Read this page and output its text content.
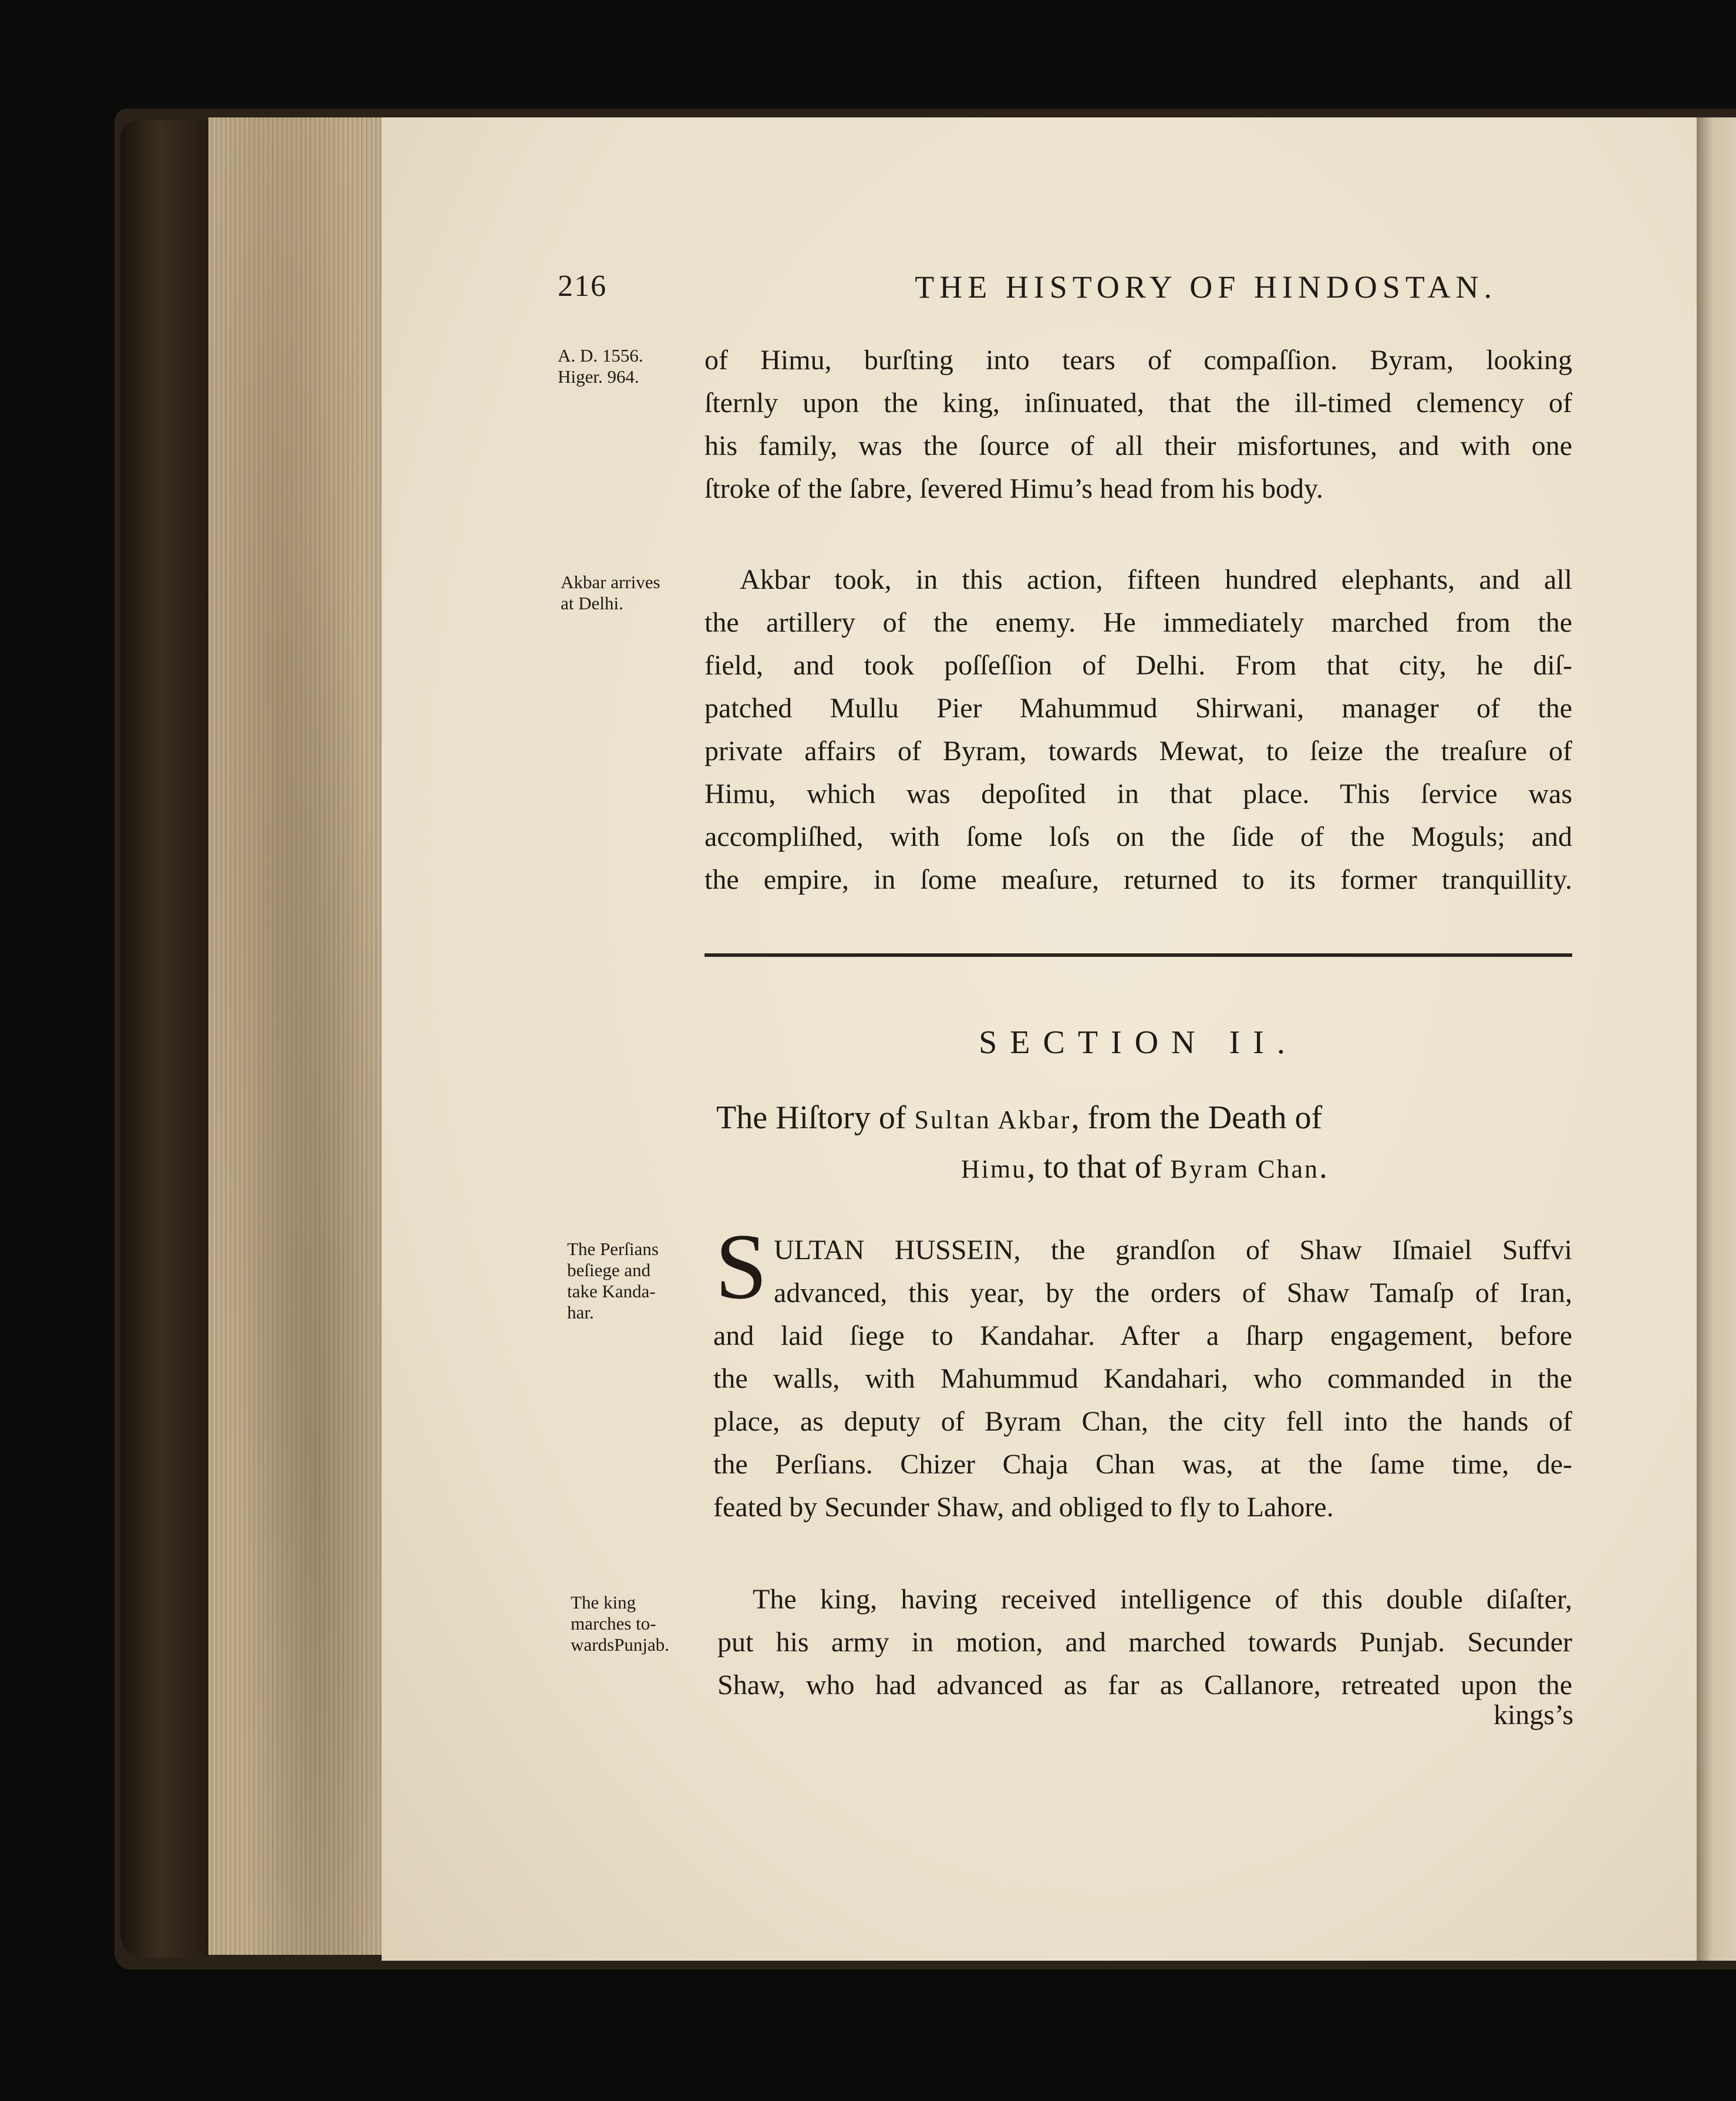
216	THE HISTORY OF HINDOSTAN.
A. D. 1556.
Higer. 964.
of Himu, burſting into tears of compaſſion. Byram, looking
ſternly upon the king, inſinuated, that the ill-timed clemency of
his family, was the ſource of all their misfortunes, and with one
ſtroke of the ſabre, ſevered Himu’s head from his body.
Akbar arrives
at Delhi.
Akbar took, in this action, fifteen hundred elephants, and all
the artillery of the enemy. He immediately marched from the
field, and took poſſeſſion of Delhi. From that city, he diſ-
patched Mullu Pier Mahummud Shirwani, manager of the
private affairs of Byram, towards Mewat, to ſeize the treaſure of
Himu, which was depoſited in that place. This ſervice was
accompliſhed, with ſome loſs on the ſide of the Moguls; and
the empire, in ſome meaſure, returned to its former tranquillity.
SECTION II.
The Hiſtory of Sultan Akbar, from the Death of
Himu, to that of Byram Chan.
The Perſians
beſiege and
take Kanda-
har.	S ULTAN HUSSEIN, the grandſon of Shaw Iſmaiel Suffvi
advanced, this year, by the orders of Shaw Tamaſp of Iran,
and laid ſiege to Kandahar. After a ſharp engagement, before
the walls, with Mahummud Kandahari, who commanded in the
place, as deputy of Byram Chan, the city fell into the hands of
the Perſians. Chizer Chaja Chan was, at the ſame time, de-
feated by Secunder Shaw, and obliged to fly to Lahore.
The king
marches to-
wardsPunjab.
The king, having received intelligence of this double diſaſter,
put his army in motion, and marched towards Punjab. Secunder
Shaw, who had advanced as far as Callanore, retreated upon the
kings’s
